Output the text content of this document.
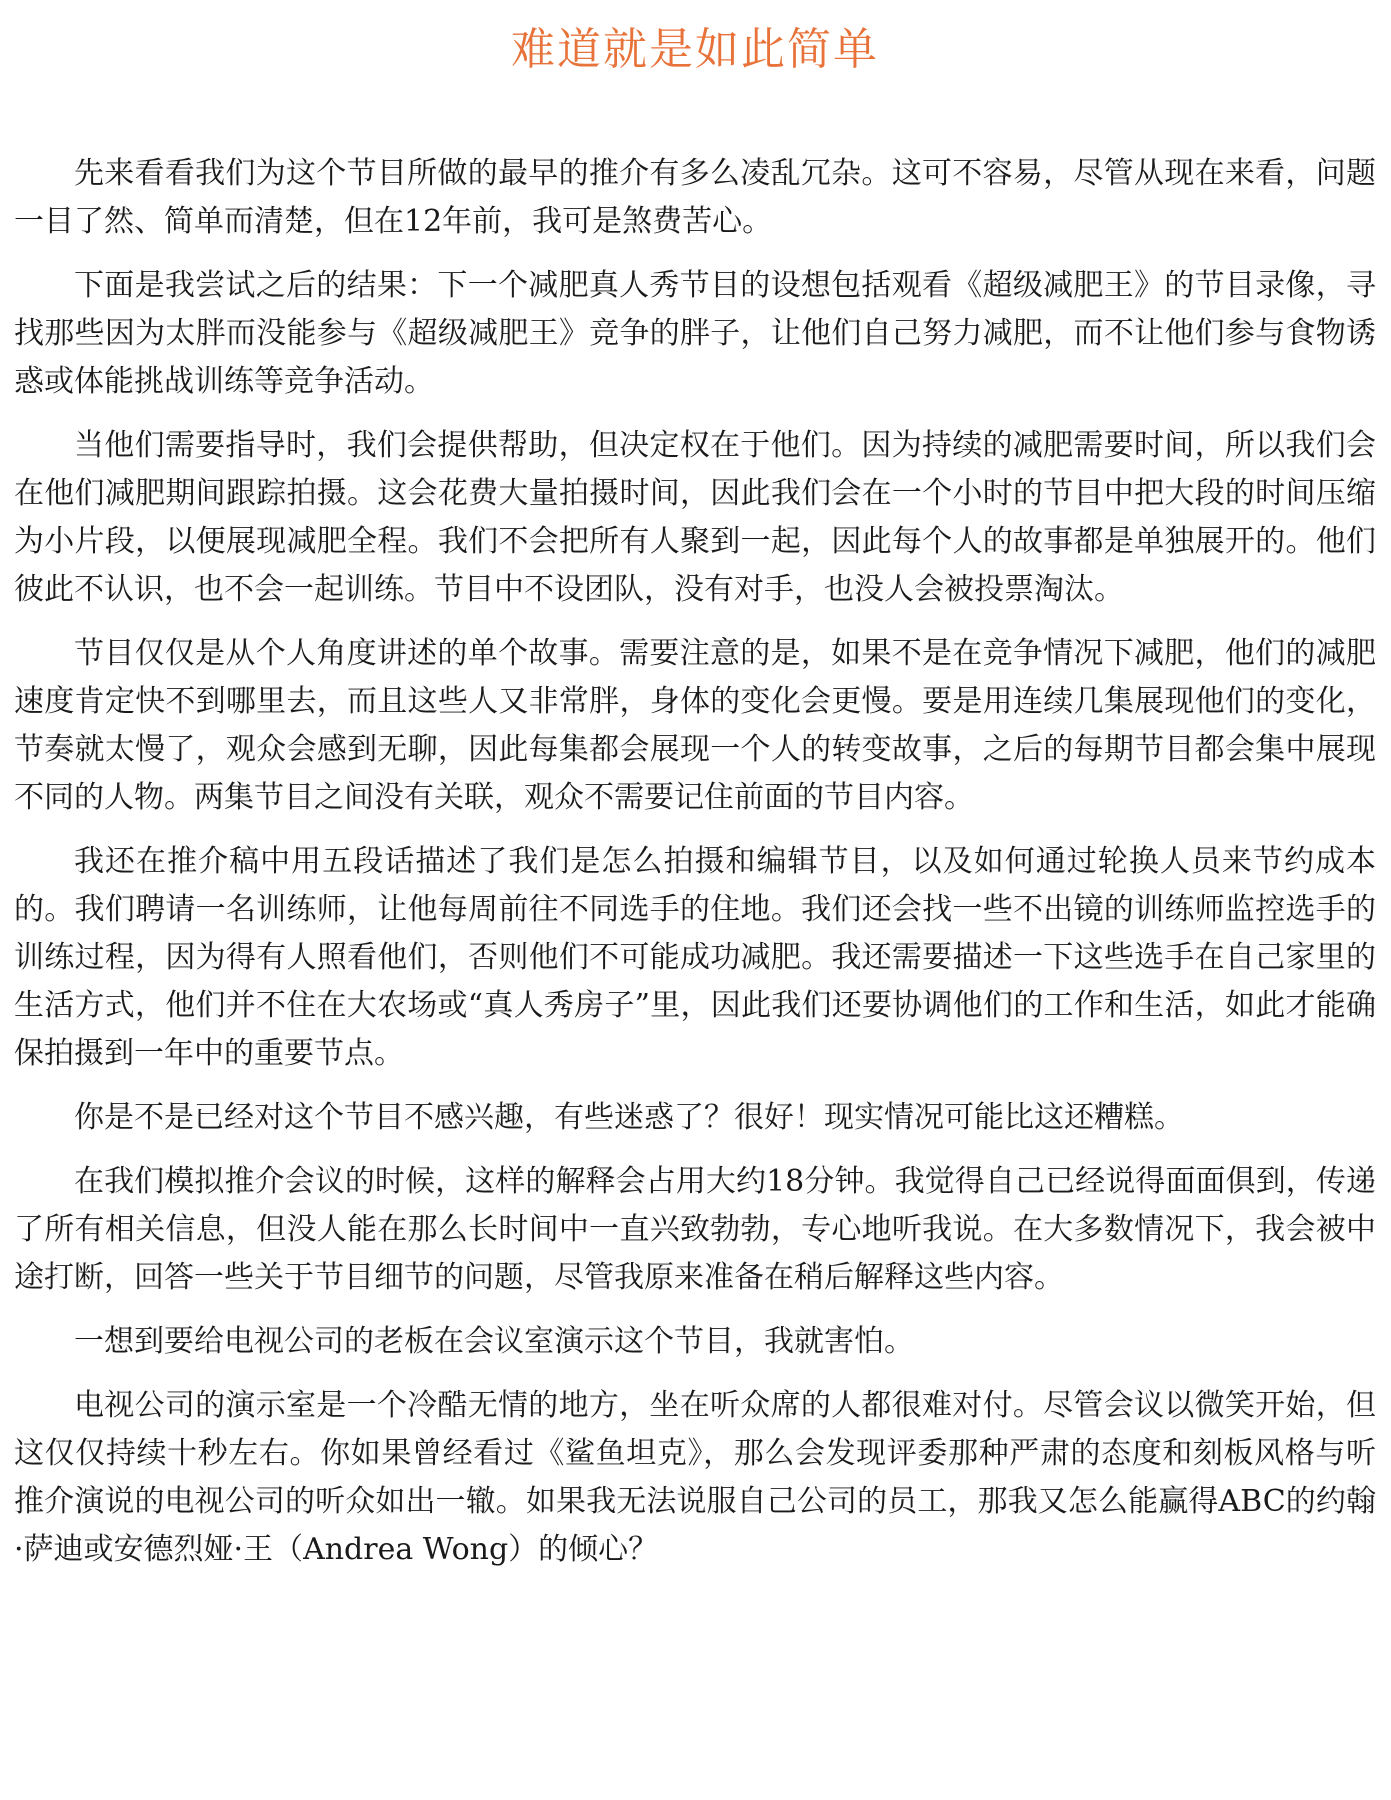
难道就是如此简单

先来看看我们为这个节目所做的最早的推介有多么凌乱冗杂。这可不容易，尽管从现在来看，问题一目了然、简单而清楚，但在12年前，我可是煞费苦心。

下面是我尝试之后的结果：下一个减肥真人秀节目的设想包括观看《超级减肥王》的节目录像，寻找那些因为太胖而没能参与《超级减肥王》竞争的胖子，让他们自己努力减肥，而不让他们参与食物诱惑或体能挑战训练等竞争活动。

当他们需要指导时，我们会提供帮助，但决定权在于他们。因为持续的减肥需要时间，所以我们会在他们减肥期间跟踪拍摄。这会花费大量拍摄时间，因此我们会在一个小时的节目中把大段的时间压缩为小片段，以便展现减肥全程。我们不会把所有人聚到一起，因此每个人的故事都是单独展开的。他们彼此不认识，也不会一起训练。节目中不设团队，没有对手，也没人会被投票淘汰。

节目仅仅是从个人角度讲述的单个故事。需要注意的是，如果不是在竞争情况下减肥，他们的减肥速度肯定快不到哪里去，而且这些人又非常胖，身体的变化会更慢。要是用连续几集展现他们的变化，节奏就太慢了，观众会感到无聊，因此每集都会展现一个人的转变故事，之后的每期节目都会集中展现不同的人物。两集节目之间没有关联，观众不需要记住前面的节目内容。

我还在推介稿中用五段话描述了我们是怎么拍摄和编辑节目，以及如何通过轮换人员来节约成本的。我们聘请一名训练师，让他每周前往不同选手的住地。我们还会找一些不出镜的训练师监控选手的训练过程，因为得有人照看他们，否则他们不可能成功减肥。我还需要描述一下这些选手在自己家里的生活方式，他们并不住在大农场或“真人秀房子”里，因此我们还要协调他们的工作和生活，如此才能确保拍摄到一年中的重要节点。

你是不是已经对这个节目不感兴趣，有些迷惑了？很好！现实情况可能比这还糟糕。

在我们模拟推介会议的时候，这样的解释会占用大约18分钟。我觉得自己已经说得面面俱到，传递了所有相关信息，但没人能在那么长时间中一直兴致勃勃，专心地听我说。在大多数情况下，我会被中途打断，回答一些关于节目细节的问题，尽管我原来准备在稍后解释这些内容。

一想到要给电视公司的老板在会议室演示这个节目，我就害怕。

电视公司的演示室是一个冷酷无情的地方，坐在听众席的人都很难对付。尽管会议以微笑开始，但这仅仅持续十秒左右。你如果曾经看过《鲨鱼坦克》，那么会发现评委那种严肃的态度和刻板风格与听推介演说的电视公司的听众如出一辙。如果我无法说服自己公司的员工，那我又怎么能赢得ABC的约翰·萨迪或安德烈娅·王（Andrea Wong）的倾心？
